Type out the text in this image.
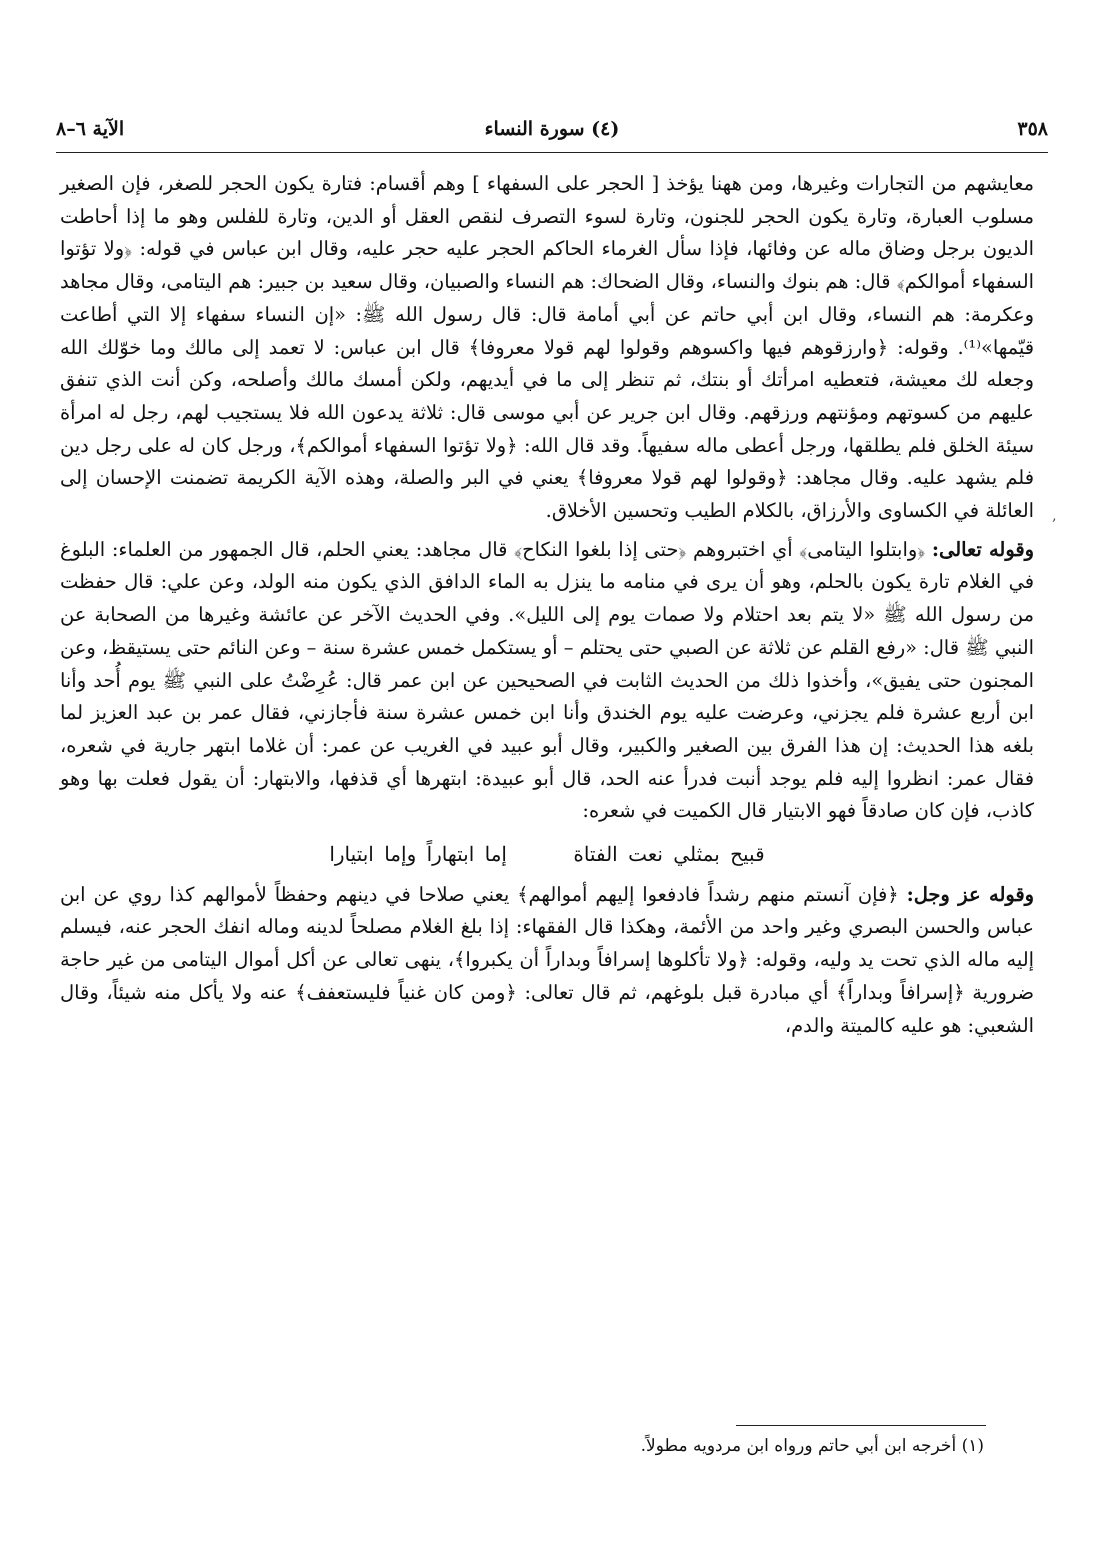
٣٥٨
(٤) سورة النساء
الآية ٦–٨
‚

معايشهم من التجارات وغيرها، ومن ههنا يؤخذ [ الحجر على السفهاء ] وهم أقسام: فتارة يكون الحجر للصغر، فإن الصغير مسلوب العبارة، وتارة يكون الحجر للجنون، وتارة لسوء التصرف لنقص العقل أو الدين، وتارة للفلس وهو ما إذا أحاطت الديون برجل وضاق ماله عن وفائها، فإذا سأل الغرماء الحاكم الحجر عليه حجر عليه، وقال ابن عباس في قوله: ﴿ولا تؤتوا السفهاء أموالكم﴾ قال: هم بنوك والنساء، وقال الضحاك: هم النساء والصبيان، وقال سعيد بن جبير: هم اليتامى، وقال مجاهد وعكرمة: هم النساء، وقال ابن أبي حاتم عن أبي أمامة قال: قال رسول الله ﷺ: «إن النساء سفهاء إلا التي أطاعت قيّمها»⁽¹⁾. وقوله: ﴿وارزقوهم فيها واكسوهم وقولوا لهم قولا معروفا﴾ قال ابن عباس: لا تعمد إلى مالك وما خوّلك الله وجعله لك معيشة، فتعطيه امرأتك أو بنتك، ثم تنظر إلى ما في أيديهم، ولكن أمسك مالك وأصلحه، وكن أنت الذي تنفق عليهم من كسوتهم ومؤنتهم ورزقهم. وقال ابن جرير عن أبي موسى قال: ثلاثة يدعون الله فلا يستجيب لهم، رجل له امرأة سيئة الخلق فلم يطلقها، ورجل أعطى ماله سفيهاً. وقد قال الله: ﴿ولا تؤتوا السفهاء أموالكم﴾، ورجل كان له على رجل دين فلم يشهد عليه. وقال مجاهد: ﴿وقولوا لهم قولا معروفا﴾ يعني في البر والصلة، وهذه الآية الكريمة تضمنت الإحسان إلى العائلة في الكساوى والأرزاق، بالكلام الطيب وتحسين الأخلاق.

وقوله تعالى: ﴿وابتلوا اليتامى﴾ أي اختبروهم ﴿حتى إذا بلغوا النكاح﴾ قال مجاهد: يعني الحلم، قال الجمهور من العلماء: البلوغ في الغلام تارة يكون بالحلم، وهو أن يرى في منامه ما ينزل به الماء الدافق الذي يكون منه الولد، وعن علي: قال حفظت من رسول الله ﷺ «لا يتم بعد احتلام ولا صمات يوم إلى الليل». وفي الحديث الآخر عن عائشة وغيرها من الصحابة عن النبي ﷺ قال: «رفع القلم عن ثلاثة عن الصبي حتى يحتلم – أو يستكمل خمس عشرة سنة – وعن النائم حتى يستيقظ، وعن المجنون حتى يفيق»، وأخذوا ذلك من الحديث الثابت في الصحيحين عن ابن عمر قال: عُرِضْتُ على النبي ﷺ يوم أُحد وأنا ابن أربع عشرة فلم يجزني، وعرضت عليه يوم الخندق وأنا ابن خمس عشرة سنة فأجازني، فقال عمر بن عبد العزيز لما بلغه هذا الحديث: إن هذا الفرق بين الصغير والكبير، وقال أبو عبيد في الغريب عن عمر: أن غلاما ابتهر جارية في شعره، فقال عمر: انظروا إليه فلم يوجد أنبت فدرأ عنه الحد، قال أبو عبيدة: ابتهرها أي قذفها، والابتهار: أن يقول فعلت بها وهو كاذب، فإن كان صادقاً فهو الابتيار قال الكميت في شعره:

قبيح بمثلي نعت الفتاة إما ابتهاراً وإما ابتيارا

وقوله عز وجل: ﴿فإن آنستم منهم رشداً فادفعوا إليهم أموالهم﴾ يعني صلاحا في دينهم وحفظاً لأموالهم كذا روي عن ابن عباس والحسن البصري وغير واحد من الأئمة، وهكذا قال الفقهاء: إذا بلغ الغلام مصلحاً لدينه وماله انفك الحجر عنه، فيسلم إليه ماله الذي تحت يد وليه، وقوله: ﴿ولا تأكلوها إسرافاً وبداراً أن يكبروا﴾، ينهى تعالى عن أكل أموال اليتامى من غير حاجة ضرورية ﴿إسرافاً وبداراً﴾ أي مبادرة قبل بلوغهم، ثم قال تعالى: ﴿ومن كان غنياً فليستعفف﴾ عنه ولا يأكل منه شيئاً، وقال الشعبي: هو عليه كالميتة والدم،

(١) أخرجه ابن أبي حاتم ورواه ابن مردويه مطولاً.
